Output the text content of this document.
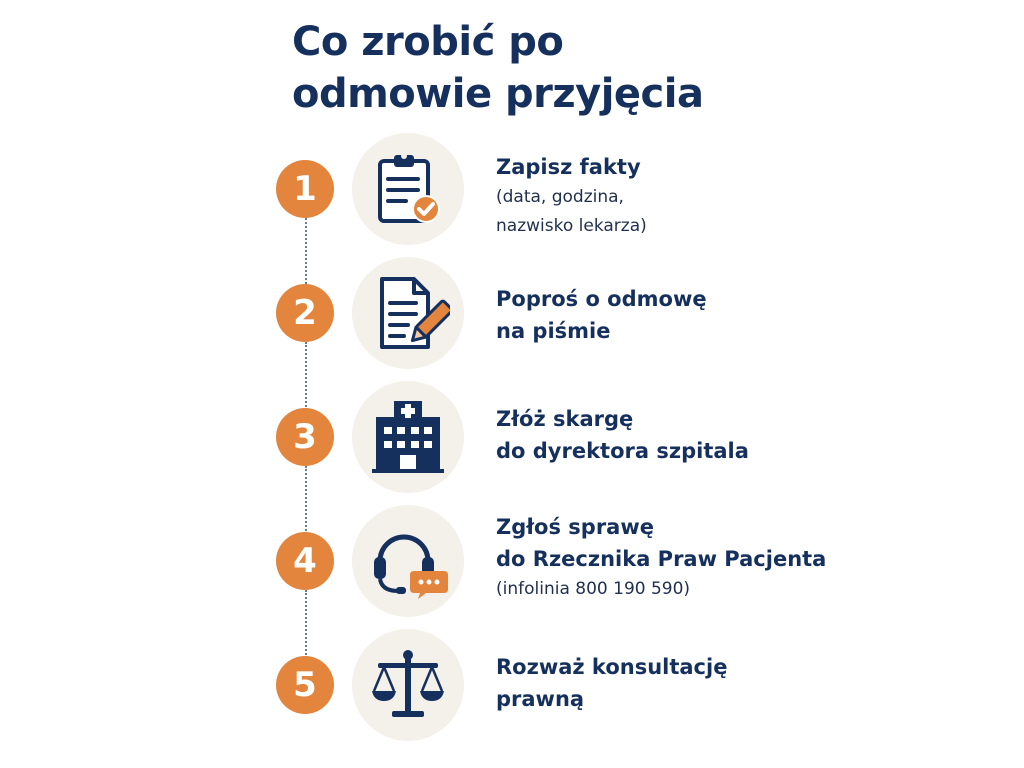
Co zrobić po
odmowie przyjęcia
1
Zapisz fakty
(data, godzina,
nazwisko lekarza)
2	Poproś o odmowę
na piśmie
3	Złóż skargę
do dyrektora szpitala
4
Zgłoś sprawę
do Rzecznika Praw Pacjenta
(infolinia 800 190 590)
5	Rozważ konsultację
prawną
